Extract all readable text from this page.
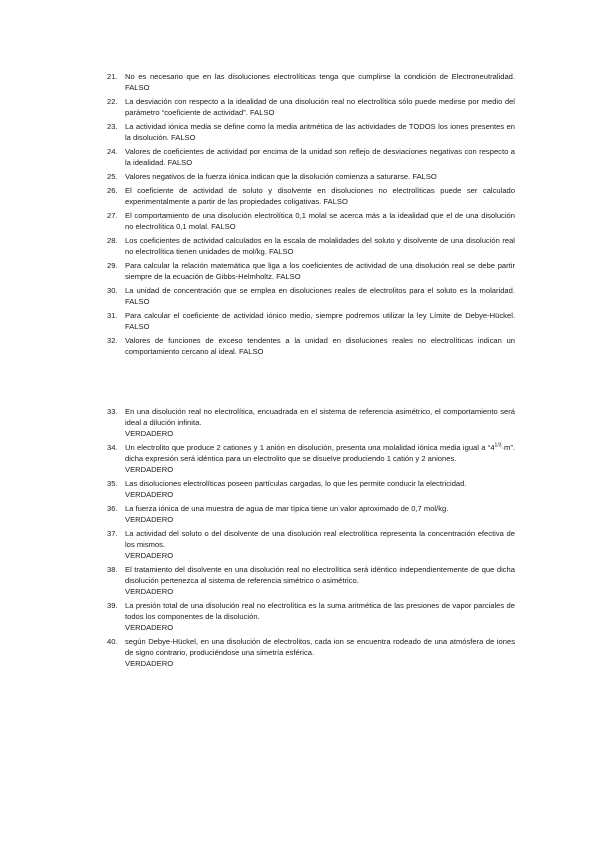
21. No es necesario que en las disoluciones electrolíticas tenga que cumplirse la condición de Electroneutralidad. FALSO
22. La desviación con respecto a la idealidad de una disolución real no electrolítica sólo puede medirse por medio del parámetro “coeficiente de actividad”. FALSO
23. La actividad iónica media se define como la media aritmética de las actividades de TODOS los iones presentes en la disolución. FALSO
24. Valores de coeficientes de actividad por encima de la unidad son reflejo de desviaciones negativas con respecto a la idealidad. FALSO
25. Valores negativos de la fuerza iónica indican que la disolución comienza a saturarse. FALSO
26. El coeficiente de actividad de soluto y disolvente en disoluciones no electrolíticas puede ser calculado experimentalmente a partir de las propiedades coligativas. FALSO
27. El comportamiento de una disolución electrolítica 0,1 molal se acerca más a la idealidad que el de una disolución no electrolítica 0,1 molal. FALSO
28. Los coeficientes de actividad calculados en la escala de molalidades del soluto y disolvente de una disolución real no electrolítica tienen unidades de mol/kg. FALSO
29. Para calcular la relación matemática que liga a los coeficientes de actividad de una disolución real se debe partir siempre de la ecuación de Gibbs-Helmholtz. FALSO
30. La unidad de concentración que se emplea en disoluciones reales de electrolitos para el soluto es la molaridad. FALSO
31. Para calcular el coeficiente de actividad iónico medio, siempre podremos utilizar la ley Límite de Debye-Hückel. FALSO
32. Valores de funciones de exceso tendentes a la unidad en disoluciones reales no electrolíticas indican un comportamiento cercano al ideal. FALSO
33. En una disolución real no electrolítica, encuadrada en el sistema de referencia asimétrico, el comportamiento será ideal a dilución infinita.
VERDADERO
34. Un electrolito que produce 2 cationes y 1 anión en disolución, presenta una molalidad iónica media igual a “$4^{1/3}\cdot m$”. dicha expresión será idéntica para un electrolito que se disuelve produciendo 1 catión y 2 aniones.
VERDADERO
35. Las disoluciones electrolíticas poseen partículas cargadas, lo que les permite conducir la electricidad.
VERDADERO
36. La fuerza iónica de una muestra de agua de mar típica tiene un valor aproximado de 0,7 mol/kg.
VERDADERO
37. La actividad del soluto o del disolvente de una disolución real electrolítica representa la concentración efectiva de los mismos.
VERDADERO
38. El tratamiento del disolvente en una disolución real no electrolítica será idéntico independientemente de que dicha disolución pertenezca al sistema de referencia simétrico o asimétrico.
VERDADERO
39. La presión total de una disolución real no electrolítica es la suma aritmética de las presiones de vapor parciales de todos los componentes de la disolución.
VERDADERO
40. según Debye-Hückel, en una disolución de electrolitos, cada ion se encuentra rodeado de una atmósfera de iones de signo contrario, produciéndose una simetría esférica.
VERDADERO
